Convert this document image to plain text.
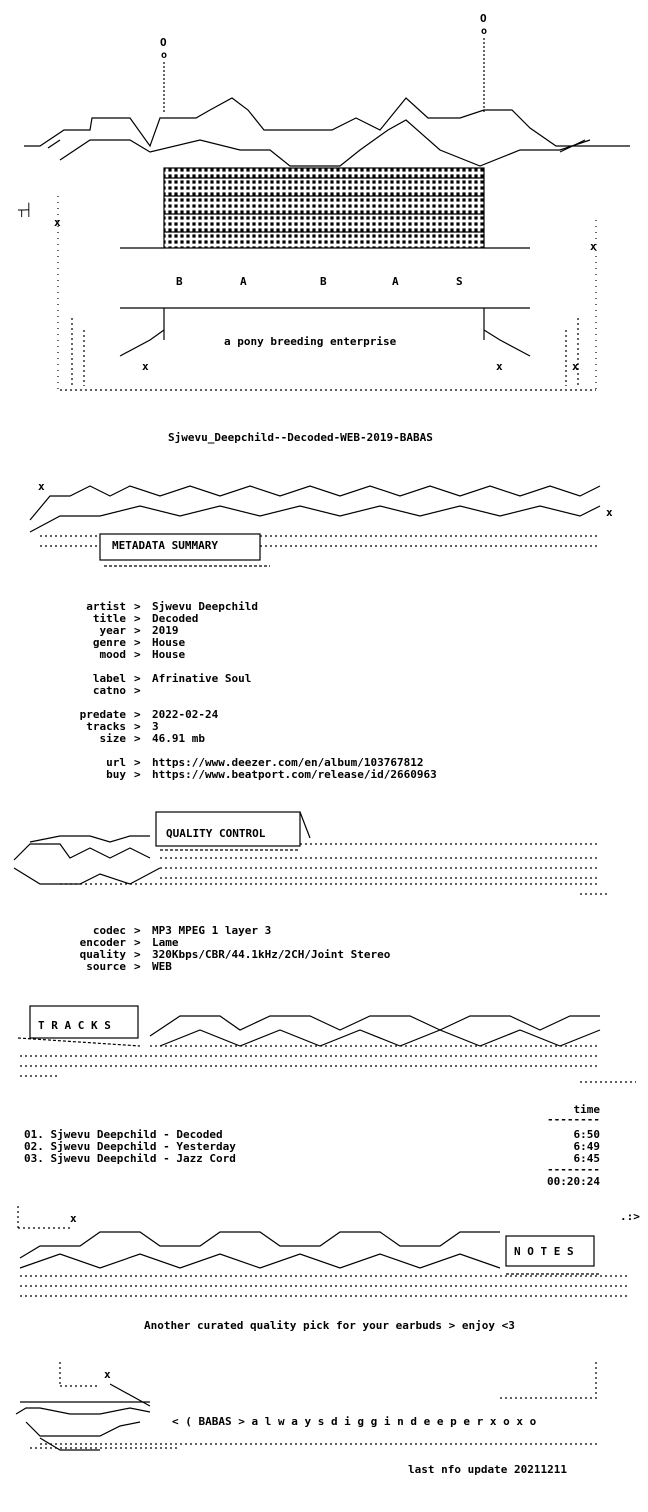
O
o
O
o
x
x
x	x	x
┬┤
B	A	B	A	S
a pony breeding enterprise
Sjwevu_Deepchild--Decoded-WEB-2019-BABAS
x
x
METADATA SUMMARY
artist > Sjwevu Deepchild
title > Decoded
year > 2019
genre > House
mood > House
label > Afrinative Soul
catno >
predate > 2022-02-24
tracks > 3
size > 46.91 mb
url > https://www.deezer.com/en/album/103767812
buy > https://www.beatport.com/release/id/2660963
QUALITY CONTROL
codec > MP3 MPEG 1 layer 3
encoder > Lame
quality > 320Kbps/CBR/44.1kHz/2CH/Joint Stereo
source > WEB
T R A C K S
time
--------
01. Sjwevu Deepchild - Decoded	6:50
02. Sjwevu Deepchild - Yesterday	6:49
03. Sjwevu Deepchild - Jazz Cord	6:45
--------
00:20:24
x	.:>
N O T E S
Another curated quality pick for your earbuds > enjoy <3
x
< ( BABAS > a l w a y s d i g g i n d e e p e r x o x o
last nfo update 20211211
